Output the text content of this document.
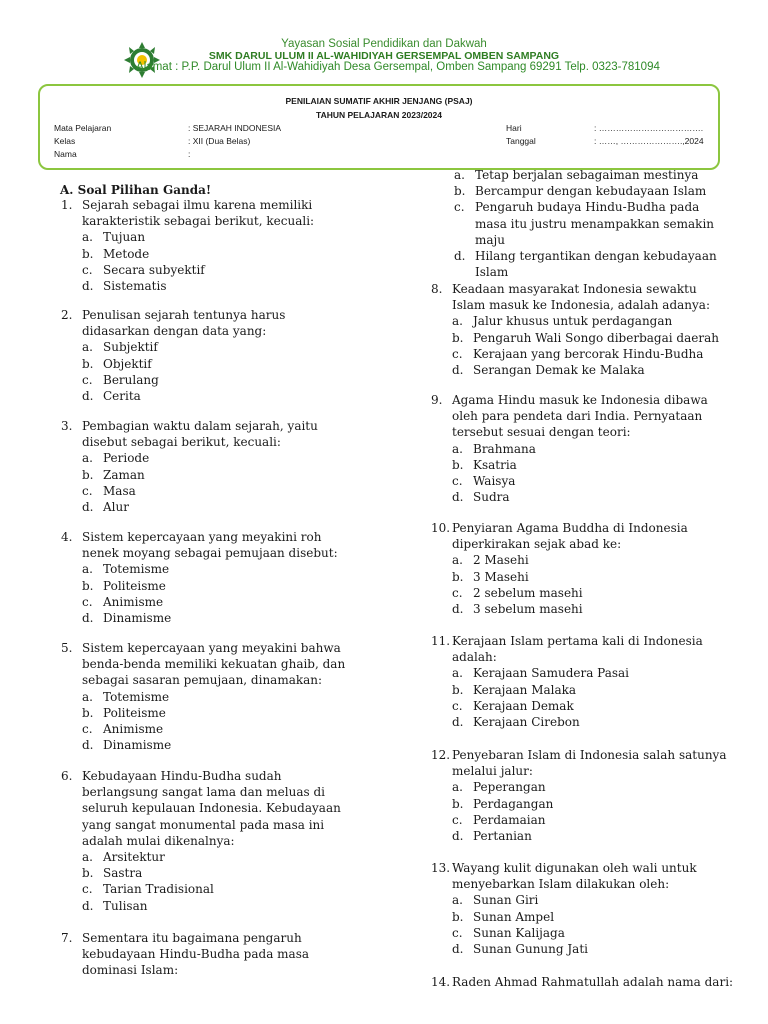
Yayasan Sosial Pendidikan dan Dakwah
SMK DARUL ULUM II AL-WAHIDIYAH GERSEMPAL OMBEN SAMPANG
Alamat : P.P. Darul Ulum II Al-Wahidiyah Desa Gersempal, Omben Sampang 69291 Telp. 0323-781094
PENILAIAN SUMATIF AKHIR JENJANG (PSAJ)
TAHUN PELAJARAN 2023/2024
Mata Pelajaran	: SEJARAH INDONESIA
Kelas	: XII (Dua Belas)
Nama	:
Hari	: ……………………………….
Tanggal	: ……, ………………….,2024
A. Soal Pilihan Ganda!
1. Sejarah sebagai ilmu karena memiliki karakteristik sebagai berikut, kecuali:
a. Tujuan
b. Metode
c. Secara subyektif
d. Sistematis
2. Penulisan sejarah tentunya harus didasarkan dengan data yang:
a. Subjektif
b. Objektif
c. Berulang
d. Cerita
3. Pembagian waktu dalam sejarah, yaitu disebut sebagai berikut, kecuali:
a. Periode
b. Zaman
c. Masa
d. Alur
4. Sistem kepercayaan yang meyakini roh nenek moyang sebagai pemujaan disebut:
a. Totemisme
b. Politeisme
c. Animisme
d. Dinamisme
5. Sistem kepercayaan yang meyakini bahwa benda-benda memiliki kekuatan ghaib, dan sebagai sasaran pemujaan, dinamakan:
a. Totemisme
b. Politeisme
c. Animisme
d. Dinamisme
6. Kebudayaan Hindu-Budha sudah berlangsung sangat lama dan meluas di seluruh kepulauan Indonesia. Kebudayaan yang sangat monumental pada masa ini adalah mulai dikenalnya:
a. Arsitektur
b. Sastra
c. Tarian Tradisional
d. Tulisan
7. Sementara itu bagaimana pengaruh kebudayaan Hindu-Budha pada masa dominasi Islam:
a. Tetap berjalan sebagaiman mestinya
b. Bercampur dengan kebudayaan Islam
c. Pengaruh budaya Hindu-Budha pada masa itu justru menampakkan semakin maju
d. Hilang tergantikan dengan kebudayaan Islam
8. Keadaan masyarakat Indonesia sewaktu Islam masuk ke Indonesia, adalah adanya:
a. Jalur khusus untuk perdagangan
b. Pengaruh Wali Songo diberbagai daerah
c. Kerajaan yang bercorak Hindu-Budha
d. Serangan Demak ke Malaka
9. Agama Hindu masuk ke Indonesia dibawa oleh para pendeta dari India. Pernyataan tersebut sesuai dengan teori:
a. Brahmana
b. Ksatria
c. Waisya
d. Sudra
10. Penyiaran Agama Buddha di Indonesia diperkirakan sejak abad ke:
a. 2 Masehi
b. 3 Masehi
c. 2 sebelum masehi
d. 3 sebelum masehi
11. Kerajaan Islam pertama kali di Indonesia adalah:
a. Kerajaan Samudera Pasai
b. Kerajaan Malaka
c. Kerajaan Demak
d. Kerajaan Cirebon
12. Penyebaran Islam di Indonesia salah satunya melalui jalur:
a. Peperangan
b. Perdagangan
c. Perdamaian
d. Pertanian
13. Wayang kulit digunakan oleh wali untuk menyebarkan Islam dilakukan oleh:
a. Sunan Giri
b. Sunan Ampel
c. Sunan Kalijaga
d. Sunan Gunung Jati
14. Raden Ahmad Rahmatullah adalah nama dari:
